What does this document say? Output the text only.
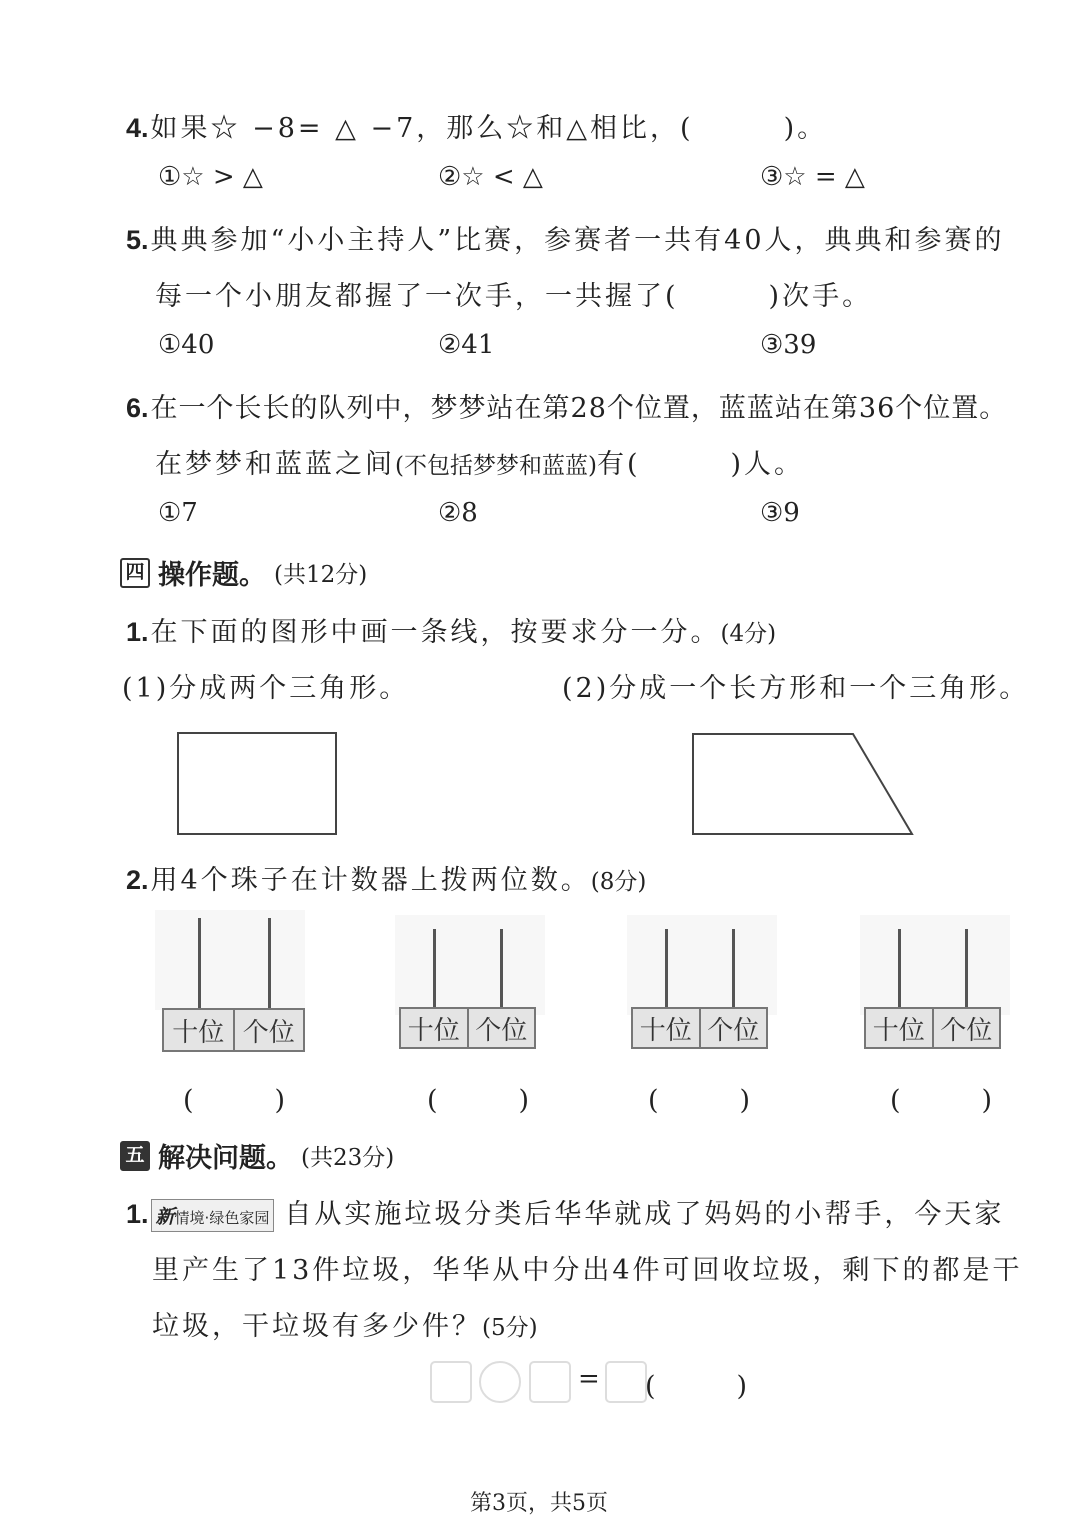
4.如果☆ −8= △ −7，那么☆和△相比，(　　　)。
①☆ > △	②☆ < △	③☆ = △
5.典典参加“小小主持人”比赛，参赛者一共有40人，典典和参赛的
每一个小朋友都握了一次手，一共握了(　　　)次手。
①40	②41	③39
6.在一个长长的队列中，梦梦站在第28个位置，蓝蓝站在第36个位置。
在梦梦和蓝蓝之间(不包括梦梦和蓝蓝)有(　　　)人。
①7	②8	③9
四 操作题。 (共12分)
1.在下面的图形中画一条线，按要求分一分。(4分)
(1)分成两个三角形。	(2)分成一个长方形和一个三角形。
2.用4个珠子在计数器上拨两位数。(8分)
十位 个位	十位 个位	十位 个位	十位 个位
(　　　)	(　　　)	(　　　)	(　　　)
五 解决问题。 (共23分)
1. 新情境·绿色家园 自从实施垃圾分类后华华就成了妈妈的小帮手，今天家
里产生了13件垃圾，华华从中分出4件可回收垃圾，剩下的都是干
垃圾，干垃圾有多少件？(5分)
= (　　　)
第3页，共5页
